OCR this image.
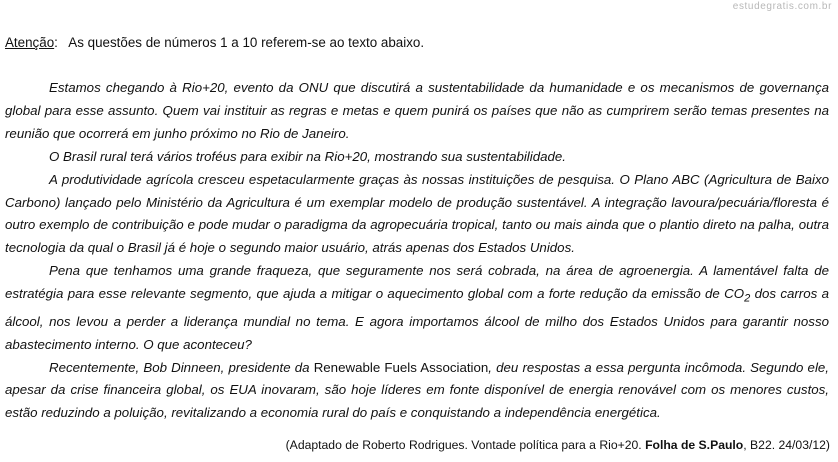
estudegratis.com.br
Atenção:   As questões de números 1 a 10 referem-se ao texto abaixo.

Estamos chegando à Rio+20, evento da ONU que discutirá a sustentabilidade da humanidade e os mecanismos de governança global para esse assunto. Quem vai instituir as regras e metas e quem punirá os países que não as cumprirem serão temas presentes na reunião que ocorrerá em junho próximo no Rio de Janeiro.

O Brasil rural terá vários troféus para exibir na Rio+20, mostrando sua sustentabilidade.

A produtividade agrícola cresceu espetacularmente graças às nossas instituições de pesquisa. O Plano ABC (Agricultura de Baixo Carbono) lançado pelo Ministério da Agricultura é um exemplar modelo de produção sustentável. A integração lavoura/pecuária/floresta é outro exemplo de contribuição e pode mudar o paradigma da agropecuária tropical, tanto ou mais ainda que o plantio direto na palha, outra tecnologia da qual o Brasil já é hoje o segundo maior usuário, atrás apenas dos Estados Unidos.

Pena que tenhamos uma grande fraqueza, que seguramente nos será cobrada, na área de agroenergia. A lamentável falta de estratégia para esse relevante segmento, que ajuda a mitigar o aquecimento global com a forte redução da emissão de $CO_2$ dos carros a álcool, nos levou a perder a liderança mundial no tema. E agora importamos álcool de milho dos Estados Unidos para garantir nosso abastecimento interno. O que aconteceu?

Recentemente, Bob Dinneen, presidente da Renewable Fuels Association, deu respostas a essa pergunta incômoda. Segundo ele, apesar da crise financeira global, os EUA inovaram, são hoje líderes em fonte disponível de energia renovável com os menores custos, estão reduzindo a poluição, revitalizando a economia rural do país e conquistando a independência energética.

(Adaptado de Roberto Rodrigues. Vontade política para a Rio+20. Folha de S.Paulo, B22. 24/03/12)
